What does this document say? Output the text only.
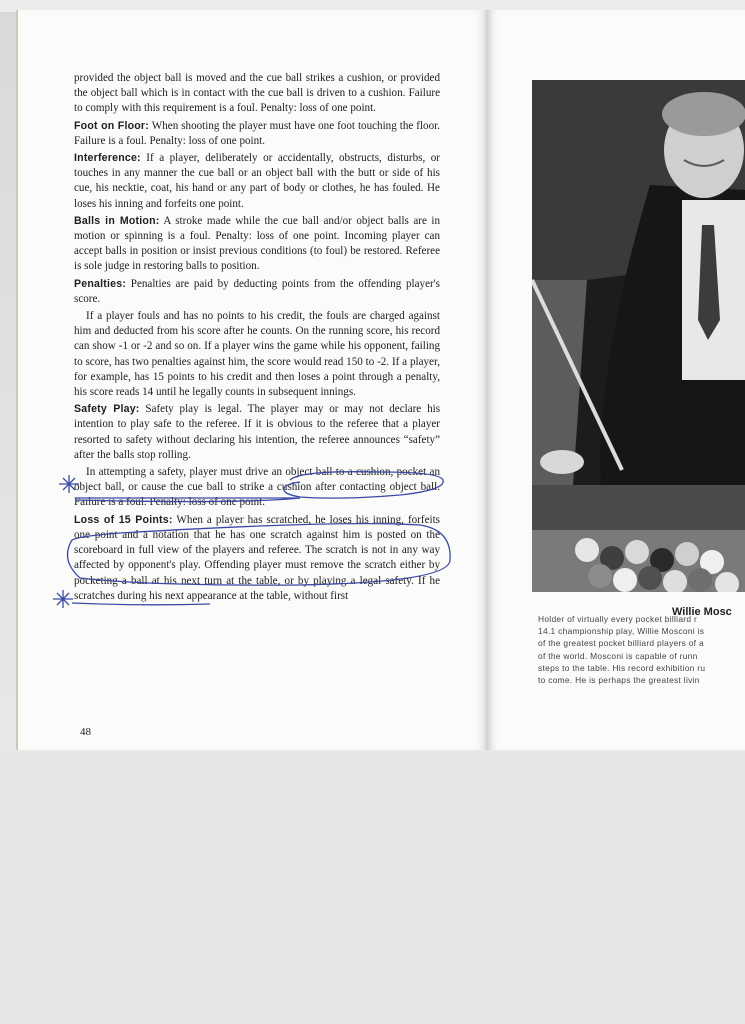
provided the object ball is moved and the cue ball strikes a cushion, or provided the object ball which is in contact with the cue ball is driven to a cushion. Failure to comply with this requirement is a foul. Penalty: loss of one point.

Foot on Floor: When shooting the player must have one foot touching the floor. Failure is a foul. Penalty: loss of one point.

Interference: If a player, deliberately or accidentally, obstructs, disturbs, or touches in any manner the cue ball or an object ball with the butt or side of his cue, his necktie, coat, his hand or any part of body or clothes, he has fouled. He loses his inning and forfeits one point.

Balls in Motion: A stroke made while the cue ball and/or object balls are in motion or spinning is a foul. Penalty: loss of one point. Incoming player can accept balls in position or insist previous conditions (to foul) be restored. Referee is sole judge in restoring balls to position.

Penalties: Penalties are paid by deducting points from the offending player's score.

If a player fouls and has no points to his credit, the fouls are charged against him and deducted from his score after he counts. On the running score, his record can show -1 or -2 and so on. If a player wins the game while his opponent, failing to score, has two penalties against him, the score would read 150 to -2. If a player, for example, has 15 points to his credit and then loses a point through a penalty, his score reads 14 until he legally counts in subsequent innings.

Safety Play: Safety play is legal. The player may or may not declare his intention to play safe to the referee. If it is obvious to the referee that a player resorted to safety without declaring his intention, the referee announces “safety” after the balls stop rolling.

In attempting a safety, player must drive an object ball to a cushion, pocket an object ball, or cause the cue ball to strike a cushion after contacting object ball. Failure is a foul. Penalty: loss of one point.

Loss of 15 Points: When a player has scratched, he loses his inning, forfeits one point and a notation that he has one scratch against him is posted on the scoreboard in full view of the players and referee. The scratch is not in any way affected by opponent's play. Offending player must remove the scratch either by pocketing a ball at his next turn at the table, or by playing a legal safety. If he scratches during his next appearance at the table, without first

48
Willie Mosc
Holder of virtually every pocket billiard r
14.1 championship play, Willie Mosconi is
of the greatest pocket billiard players of a
of the world. Mosconi is capable of runn
steps to the table. His record exhibition ru
to come. He is perhaps the greatest livin
